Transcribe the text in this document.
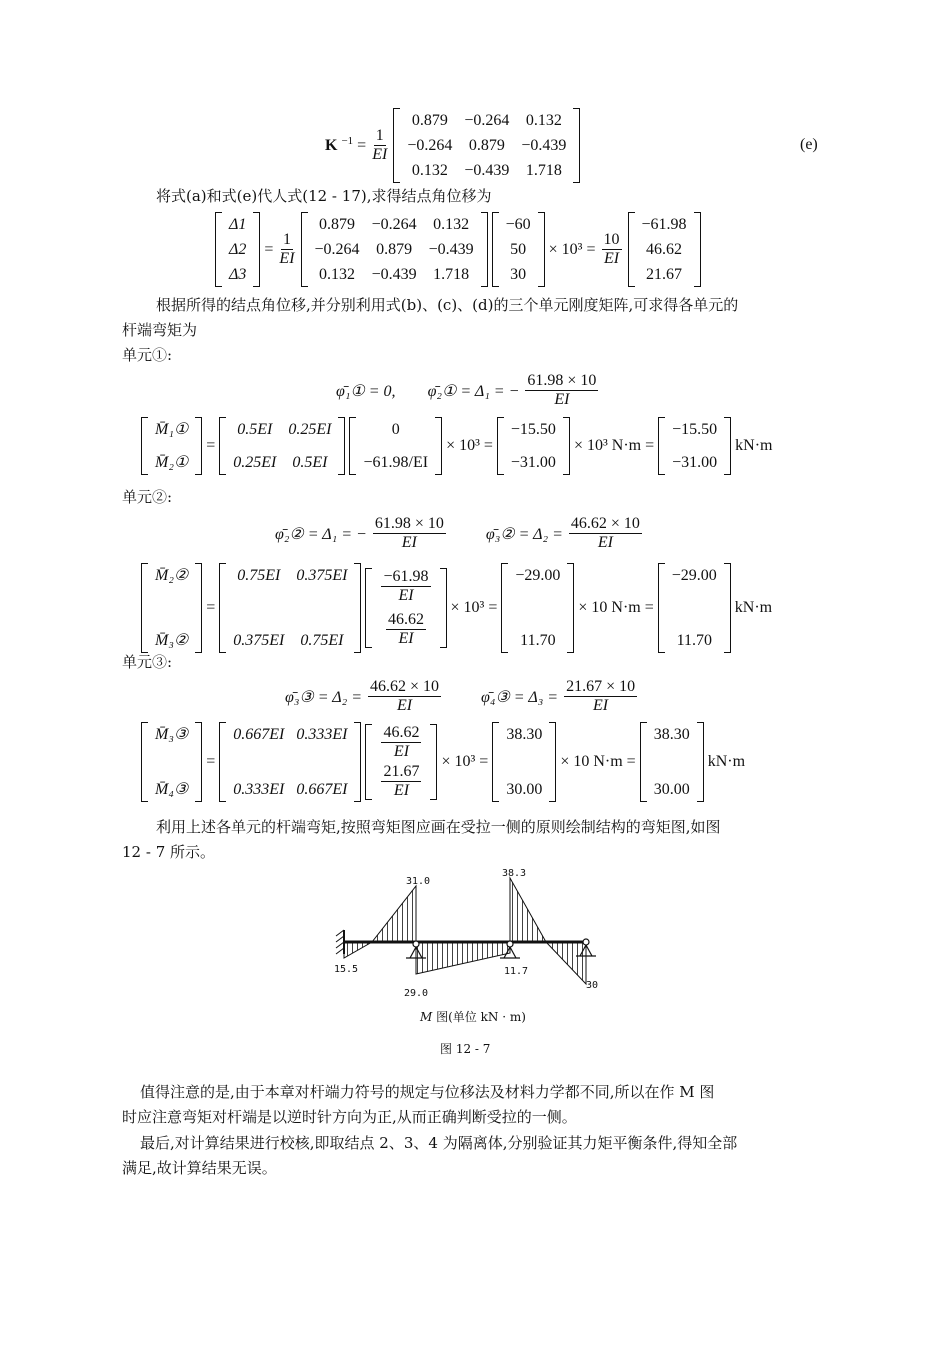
K $^{-1} = \frac{1}{EI}$
0.879	−0.264	0.132
−0.264	0.879	−0.439
0.132	−0.439	1.718
(e)
将式(a)和式(e)代人式(12 - 17),求得结点角位移为
Δ1
Δ2
Δ3
= $\frac{1}{EI}$
0.879	−0.264	0.132
−0.264	0.879	−0.439
0.132	−0.439	1.718
−60
50
30
× $10^3 = \frac{10}{EI}$
−61.98
46.62
21.67
根据所得的结点角位移,并分别利用式(b)、(c)、(d)的三个单元刚度矩阵,可求得各单元的
杆端弯矩为
单元①:
φ̄₁① = 0, φ̄₂① = Δ₁ = − $\frac{61.98 \times 10}{EI}$
M̄₁①
M̄₂①
=
0.5EI	0.25EI
0.25EI	0.5EI
0
−61.98/EI
× 10³ =
−15.50
−31.00
× 10³ N·m =
−15.50
−31.00
kN·m
单元②:
φ̄₂② = Δ₁ = − $\frac{61.98 \times 10}{EI}$	φ̄₃② = $\Delta_2 = \frac{46.62 \times 10}{EI}$
M̄₂②
M̄₃②
=
0.75EI	0.375EI
0.375EI	0.75EI
$\frac{-61.98}{EI}$
$\frac{46.62}{EI}$
× 10³ =
−29.00
11.70
× 10 N·m =
−29.00
11.70
kN·m
单元③:
φ̄₃③ = $\Delta_2 = \frac{46.62 \times 10}{EI}$	φ̄₄③ = $\Delta_3 = \frac{21.67 \times 10}{EI}$
M̄₃③
M̄₄③
=
0.667EI 0.333EI
0.333EI 0.667EI
$\frac{46.62}{EI}$
$\frac{21.67}{EI}$
× 10³ =
38.30
30.00
× 10 N·m =
38.30
30.00
kN·m
利用上述各单元的杆端弯矩,按照弯矩图应画在受拉一侧的原则绘制结构的弯矩图,如图
12 - 7 所示。
31.0
38.3
15.5
29.0
11.7
30
M 图(单位 kN · m)
图 12 - 7
值得注意的是,由于本章对杆端力符号的规定与位移法及材料力学都不同,所以在作 M 图
时应注意弯矩对杆端是以逆时针方向为正,从而正确判断受拉的一侧。
最后,对计算结果进行校核,即取结点 2、3、4 为隔离体,分别验证其力矩平衡条件,得知全部
满足,故计算结果无误。
